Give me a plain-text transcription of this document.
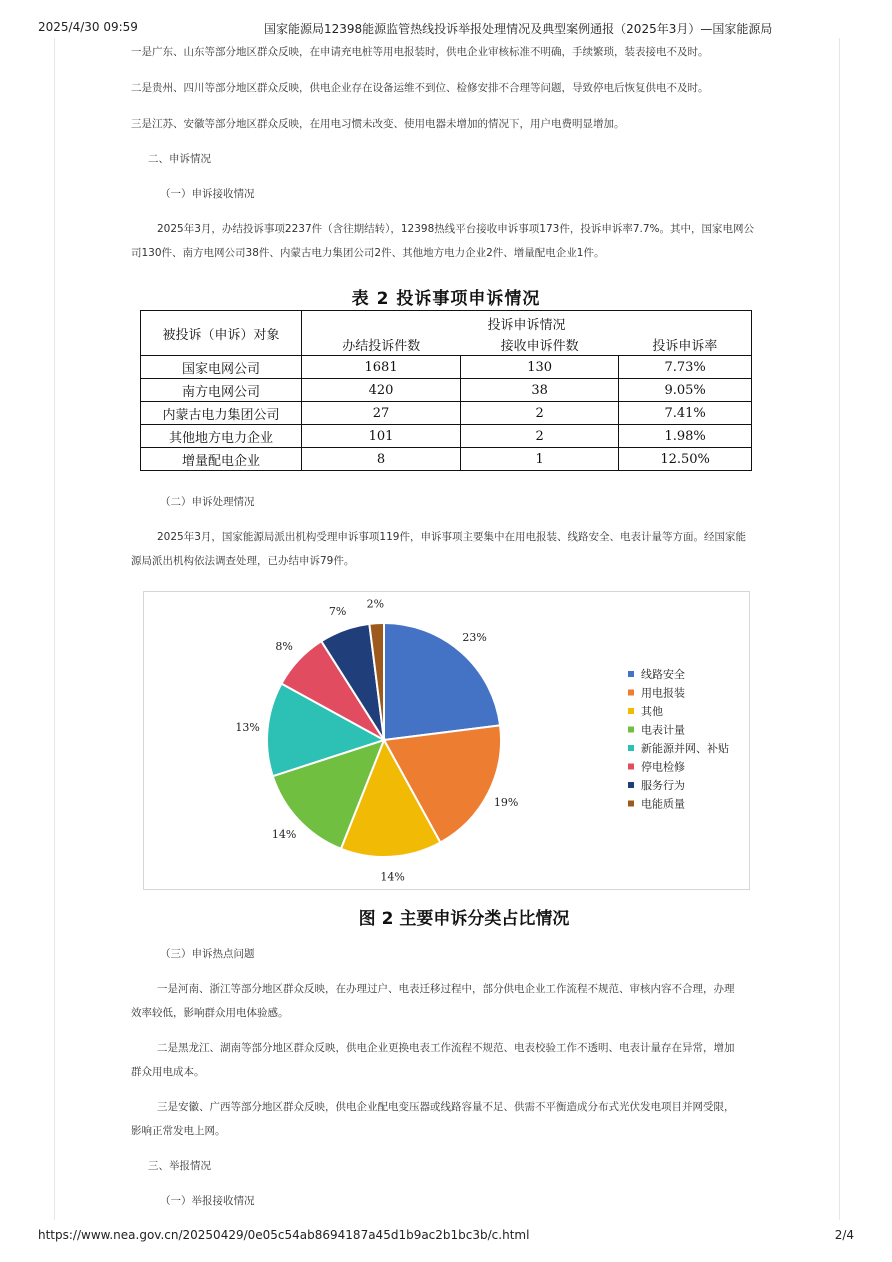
2025/4/30 09:59	国家能源局12398能源监管热线投诉举报处理情况及典型案例通报（2025年3月）—国家能源局
一是广东、山东等部分地区群众反映，在申请充电桩等用电报装时，供电企业审核标准不明确，手续繁琐，装表接电不及时。
二是贵州、四川等部分地区群众反映，供电企业存在设备运维不到位、检修安排不合理等问题，导致停电后恢复供电不及时。
三是江苏、安徽等部分地区群众反映，在用电习惯未改变、使用电器未增加的情况下，用户电费明显增加。
二、申诉情况
（一）申诉接收情况
2025年3月，办结投诉事项2237件（含往期结转），12398热线平台接收申诉事项173件，投诉申诉率7.7%。其中，国家电网公
司130件、南方电网公司38件、内蒙古电力集团公司2件、其他地方电力企业2件、增量配电企业1件。
表 2 投诉事项申诉情况
被投诉（申诉）对象	投诉申诉情况		
	办结投诉件数	接收申诉件数	投诉申诉率
国家电网公司	1681	130	7.73%
南方电网公司	420	38	9.05%
内蒙古电力集团公司	27	2	7.41%
其他地方电力企业	101	2	1.98%
增量配电企业	8	1	12.50%
（二）申诉处理情况
2025年3月，国家能源局派出机构受理申诉事项119件，申诉事项主要集中在用电报装、线路安全、电表计量等方面。经国家能
源局派出机构依法调查处理，已办结申诉79件。
23%
19%
14%
14%
13%
8%
7%
2%
线路安全
用电报装
其他
电表计量
新能源并网、补贴
停电检修
服务行为
电能质量
图 2 主要申诉分类占比情况
（三）申诉热点问题
一是河南、浙江等部分地区群众反映，在办理过户、电表迁移过程中，部分供电企业工作流程不规范、审核内容不合理，办理
效率较低，影响群众用电体验感。
二是黑龙江、湖南等部分地区群众反映，供电企业更换电表工作流程不规范、电表校验工作不透明、电表计量存在异常，增加
群众用电成本。
三是安徽、广西等部分地区群众反映，供电企业配电变压器或线路容量不足、供需不平衡造成分布式光伏发电项目并网受限，
影响正常发电上网。
三、举报情况
（一）举报接收情况
https://www.nea.gov.cn/20250429/0e05c54ab8694187a45d1b9ac2b1bc3b/c.html	2/4
